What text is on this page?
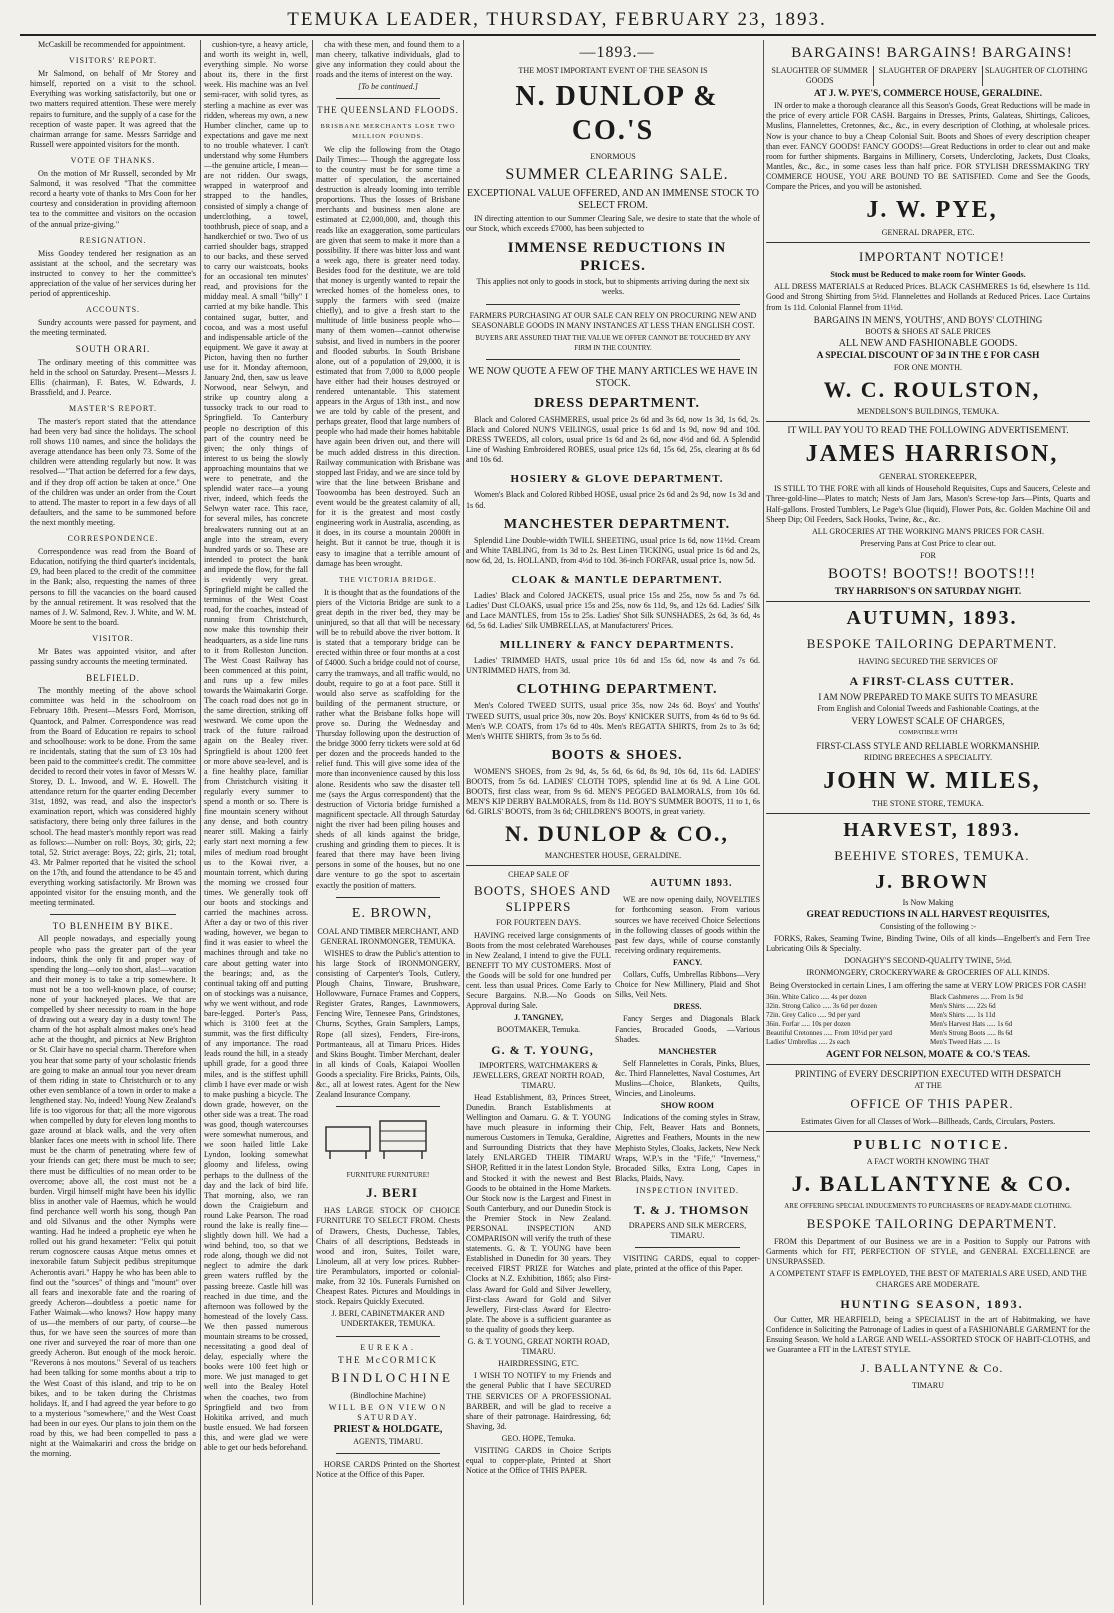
TEMUKA LEADER, THURSDAY, FEBRUARY 23, 1893.

McCaskill be recommended for appointment.

VISITORS' REPORT.

Mr Salmond, on behalf of Mr Storey and himself, reported on a visit to the school. Everything was working satisfactorily, but one or two matters required attention. These were merely repairs to furniture, and the supply of a case for the reception of waste paper. It was agreed that the chairman arrange for same. Messrs Sarridge and Russell were appointed visitors for the month.

VOTE OF THANKS.

On the motion of Mr Russell, seconded by Mr Salmond, it was resolved "That the committee record a hearty vote of thanks to Mrs Coon for her courtesy and consideration in providing afternoon tea to the committee and visitors on the occasion of the annual prize-giving."

RESIGNATION.

Miss Goodey tendered her resignation as an assistant at the school, and the secretary was instructed to convey to her the committee's appreciation of the value of her services during her period of apprenticeship.

ACCOUNTS.

Sundry accounts were passed for payment, and the meeting terminated.

SOUTH ORARI.

The ordinary meeting of this committee was held in the school on Saturday. Present—Messrs J. Ellis (chairman), F. Bates, W. Edwards, J. Brassfield, and J. Pearce.

MASTER'S REPORT.

The master's report stated that the attendance had been very bad since the holidays. The school roll shows 110 names, and since the holidays the average attendance has been only 73. Some of the children were attending regularly but now. It was resolved—"That action be deferred for a few days, and if they drop off action be taken at once." One of the children was under an order from the Court to attend. The master to report in a few days of all defaulters, and the same to be summoned before the next monthly meeting.

CORRESPONDENCE.

Correspondence was read from the Board of Education, notifying the third quarter's incidentals, £9, had been placed to the credit of the committee in the Bank; also, requesting the names of three persons to fill the vacancies on the board caused by the annual retirement. It was resolved that the names of J. W. Salmond, Rev. J. White, and W. M. Moore be sent to the board.

VISITOR.

Mr Bates was appointed visitor, and after passing sundry accounts the meeting terminated.

BELFIELD.

The monthly meeting of the above school committee was held in the schoolroom on February 18th. Present—Messrs Ford, Morrison, Quantock, and Palmer. Correspondence was read from the Board of Education re repairs to school and schoolhouse: work to be done. From the same re incidentals, stating that the sum of £3 10s had been paid to the committee's credit. The committee decided to record their votes in favor of Messrs W. Storey, D. L. Inwood, and W. E. Howell. The attendance return for the quarter ending December 31st, 1892, was read, and also the inspector's examination report, which was considered highly satisfactory, there being only three failures in the school. The head master's monthly report was read as follows:—Number on roll: Boys, 30; girls, 22; total, 52. Strict average: Boys, 22; girls, 21; total, 43. Mr Palmer reported that he visited the school on the 17th, and found the attendance to be 45 and everything working satisfactorily. Mr Brown was appointed visitor for the ensuing month, and the meeting terminated.

TO BLENHEIM BY BIKE.

All people nowadays, and especially young people who pass the greater part of the year indoors, think the only fit and proper way of spending the long—only too short, alas!—vacation and their money is to take a trip somewhere. It must not be a too well-known place, of course; none of your hackneyed places. We that are compelled by sheer necessity to roam in the hope of drawing out a weary day in a dusty town! The charm of the hot asphalt almost makes one's head ache at the thought, and picnics at New Brighton or St. Clair have no special charm. Therefore when you hear that some party of your scholastic friends are going to make an annual tour you never dream of them riding in state to Christchurch or to any other even semblance of a town in order to make a lengthened stay. No, indeed! Young New Zealand's life is too vigorous for that; all the more vigorous when compelled by duty for eleven long months to gaze around at black walls, and the very often blanker faces one meets with in school life. There must be the charm of penetrating where few of your friends can get; there must be much to see; there must be difficulties of no mean order to be overcome; above all, the cost must not be a burden. Virgil himself might have been his idyllic bliss in another vale of Haemus, which he would find perchance well worth his song, though Pan and old Silvanus and the other Nymphs were wanting. Had he indeed a prophetic eye when he rolled out his grand hexameter: "Felix qui potuit rerum cognoscere causas Atque metus omnes et inexorabile fatum Subjecit pedibus strepitumque Acherontis avari." Happy he who has been able to find out the "sources" of things and "mount" over all fears and inexorable fate and the roaring of greedy Acheron—doubtless a poetic name for Father Waimak—who knows? How happy many of us—the members of our party, of course—be thus, for we have seen the sources of more than one river and surveyed the roar of more than one greedy Acheron. But enough of the mock heroic. "Reverons à nos moutons." Several of us teachers had been talking for some months about a trip to the West Coast of this island, and trip to be on bikes, and to be taken during the Christmas holidays. If, and I had agreed the year before to go to a mysterious "somewhere," and the West Coast had been in our eyes. Our plans to join them on the road by this, we had been compelled to pass a night at the Waimakariri and cross the bridge on the morning.

cushion-tyre, a heavy article, and worth its weight in, well, everything simple. No worse about its, there in the first week. His machine was an Ivel semi-racer, with solid tyres, as sterling a machine as ever was ridden, whereas my own, a new Humber clincher, came up to expectations and gave me next to no trouble whatever. I can't understand why some Humbers—the genuine article, I mean—are not ridden. Our swags, wrapped in waterproof and strapped to the handles, consisted of simply a change of underclothing, a towel, toothbrush, piece of soap, and a handkerchief or two. Two of us carried shoulder bags, strapped to our backs, and these served to carry our waistcoats, books for an occasional ten minutes' read, and provisions for the midday meal. A small "billy" I carried at my bike handle. This contained sugar, butter, and cocoa, and was a most useful and indispensable article of the equipment. We gave it away at Picton, having then no further use for it. Monday afternoon, January 2nd, then, saw us leave Norwood, near Selwyn, and strike up country along a tussocky track to our road to Springfield. To Canterbury people no description of this part of the country need be given; the only things of interest to us being the slowly approaching mountains that we were to penetrate, and the splendid water race—a young river, indeed, which feeds the Selwyn water race. This race, for several miles, has concrete breakwaters running out at an angle into the stream, every hundred yards or so. These are intended to protect the bank and impede the flow, for the fall is evidently very great. Springfield might be called the terminus of the West Coast road, for the coaches, instead of running from Christchurch, now make this township their headquarters, as a side line runs to it from Rolleston Junction. The West Coast Railway has been commenced at this point, and runs up a few miles towards the Waimakariri Gorge. The coach road does not go in the same direction, striking off westward. We come upon the track of the future railroad again on the Bealey river. Springfield is about 1200 feet or more above sea-level, and is a fine healthy place, familiar from Christchurch visiting it regularly every summer to spend a month or so. There is fine mountain scenery without any dense, and both country nearer still. Making a fairly early start next morning a few miles of medium road brought us to the Kowai river, a mountain torrent, which during the morning we crossed four times. We generally took off our boots and stockings and carried the machines across. After a day or two of this river wading, however, we began to find it was easier to wheel the machines through and take no care about getting water into the bearings; and, as the continual taking off and putting on of stockings was a nuisance, why we went without, and rode bare-legged. Porter's Pass, which is 3100 feet at the summit, was the first difficulty of any importance. The road leads round the hill, in a steady uphill grade, for a good three miles, and is the stiffest uphill climb I have ever made or wish to make pushing a bicycle. The down grade, however, on the other side was a treat. The road was good, though watercourses were somewhat numerous, and we soon hailed little Lake Lyndon, looking somewhat gloomy and lifeless, owing perhaps to the dullness of the day and the lack of bird life. That morning, also, we ran down the Craigieburn and round Lake Pearson. The road round the lake is really fine—slightly down hill. We had a wind behind, too, so that we rode along, though we did not neglect to admire the dark green waters ruffled by the passing breeze. Castle hill was reached in due time, and the afternoon was followed by the homestead of the lovely Cass. We then passed numerous mountain streams to be crossed, necessitating a good deal of delay, especially where the books were 100 feet high or more. We just managed to get well into the Bealey Hotel when the coaches, two from Springfield and two from Hokitika arrived, and much bustle ensued. We had forseen this, and were glad we were able to get our beds beforehand.

cha with these men, and found them to a man cheery, talkative individuals, glad to give any information they could about the roads and the items of interest on the way.

[To be continued.]

THE QUEENSLAND FLOODS.

BRISBANE MERCHANTS LOSE TWO MILLION POUNDS.

We clip the following from the Otago Daily Times:— Though the aggregate loss to the country must be for some time a matter of speculation, the ascertained destruction is already looming into terrible proportions. Thus the losses of Brisbane merchants and business men alone are estimated at £2,000,000, and, though this reads like an exaggeration, some particulars are given that seem to make it more than a possibility. If there was bitter loss and want a week ago, there is greater need today. Besides food for the destitute, we are told that money is urgently wanted to repair the wrecked homes of the homeless ones, to supply the farmers with seed (maize chiefly), and to give a fresh start to the multitude of little business people who—many of them women—cannot otherwise subsist, and lived in numbers in the poorer and flooded suburbs. In South Brisbane alone, out of a population of 29,000, it is estimated that from 7,000 to 8,000 people have either had their houses destroyed or rendered untenantable. This statement appears in the Argus of 13th inst., and now we are told by cable of the present, and perhaps greater, flood that large numbers of people who had made their homes habitable have again been driven out, and there will be much added distress in this direction. Railway communication with Brisbane was stopped last Friday, and we are since told by wire that the line between Brisbane and Toowoomba has been destroyed. Such an event would be the greatest calamity of all, for it is the greatest and most costly engineering work in Australia, ascending, as it does, in its course a mountain 2000ft in height. But it cannot be true, though it is easy to imagine that a terrible amount of damage has been wrought.

THE VICTORIA BRIDGE.

It is thought that as the foundations of the piers of the Victoria Bridge are sunk to a great depth in the river bed, they may be uninjured, so that all that will be necessary will be to rebuild above the river bottom. It is stated that a temporary bridge can be erected within three or four months at a cost of £4000. Such a bridge could not of course, carry the tramways, and all traffic would, no doubt, require to go at a foot pace. Still it would also serve as scaffolding for the building of the permanent structure, or rather what the Brisbane folks hope will prove so. During the Wednesday and Thursday following upon the destruction of the bridge 3000 ferry tickets were sold at 6d per dozen and the proceeds handed to the relief fund. This will give some idea of the more than inconvenience caused by this loss alone. Residents who saw the disaster tell me (says the Argus correspondent) that the destruction of Victoria bridge furnished a magnificent spectacle. All through Saturday night the river had been piling houses and sheds of all kinds against the bridge, crushing and grinding them to pieces. It is feared that there may have been living persons in some of the houses, but no one dare venture to go the spot to ascertain exactly the position of matters.

E. BROWN,

COAL AND TIMBER MERCHANT, AND GENERAL IRONMONGER, TEMUKA.

WISHES to draw the Public's attention to his large Stock of IRONMONGERY, consisting of Carpenter's Tools, Cutlery, Plough Chains, Tinware, Brushware, Hollowware, Furnace Frames and Coppers, Register Grates, Ranges, Lawnmowers, Fencing Wire, Tennesee Pans, Grindstones, Churns, Scythes, Grain Samplers, Lamps, Rope (all sizes), Fenders, Fire-irons, Portmanteaus, all at Timaru Prices. Hides and Skins Bought. Timber Merchant, dealer in all kinds of Coals, Kaiapoi Woollen Goods a speciality. Fire Bricks, Paints, Oils, &c., all at lowest rates. Agent for the New Zealand Insurance Company.

FURNITURE FURNITURE!

J. BERI

HAS LARGE STOCK OF CHOICE FURNITURE TO SELECT FROM. Chests of Drawers, Chests, Duchesse, Tables, Chairs of all descriptions, Bedsteads in wood and iron, Suites, Toilet ware, Linoleum, all at very low prices. Rubber-tire Perambulators, imported or colonial-make, from 32 10s. Funerals Furnished on Cheapest Rates. Pictures and Mouldings in stock. Repairs Quickly Executed.

J. BERI, CABINETMAKER AND UNDERTAKER, TEMUKA.

EUREKA.

THE McCORMICK

BINDLOCHINE

(Bindlochine Machine)

WILL BE ON VIEW ON SATURDAY.

PRIEST & HOLDGATE,

AGENTS, TIMARU.

HORSE CARDS Printed on the Shortest Notice at the Office of this Paper.

—1893.—

THE MOST IMPORTANT EVENT OF THE SEASON IS

N. DUNLOP & CO.'S

ENORMOUS

SUMMER CLEARING SALE.

EXCEPTIONAL VALUE OFFERED, AND AN IMMENSE STOCK TO SELECT FROM.

IN directing attention to our Summer Clearing Sale, we desire to state that the whole of our Stock, which exceeds £7000, has been subjected to

IMMENSE REDUCTIONS IN PRICES.

This applies not only to goods in stock, but to shipments arriving during the next six weeks.

FARMERS PURCHASING AT OUR SALE CAN RELY ON PROCURING NEW AND SEASONABLE GOODS IN MANY INSTANCES AT LESS THAN ENGLISH COST.

BUYERS ARE ASSURED THAT THE VALUE WE OFFER CANNOT BE TOUCHED BY ANY FIRM IN THE COUNTRY.

WE NOW QUOTE A FEW OF THE MANY ARTICLES WE HAVE IN STOCK.

DRESS DEPARTMENT.

Black and Colored CASHMERES, usual price 2s 6d and 3s 6d, now 1s 3d, 1s 6d, 2s. Black and Colored NUN'S VEILINGS, usual price 1s 6d and 1s 9d, now 9d and 10d. DRESS TWEEDS, all colors, usual price 1s 6d and 2s 6d, now 4½d and 6d. A Splendid Line of Washing Embroidered ROBES, usual price 12s 6d, 15s 6d, 25s, clearing at 8s 6d and 10s 6d.

HOSIERY & GLOVE DEPARTMENT.

Women's Black and Colored Ribbed HOSE, usual price 2s 6d and 2s 9d, now 1s 3d and 1s 6d.

MANCHESTER DEPARTMENT.

Splendid Line Double-width TWILL SHEETING, usual price 1s 6d, now 11½d. Cream and White TABLING, from 1s 3d to 2s. Best Linen TICKING, usual price 1s 6d and 2s, now 6d, 2d, 1s. HOLLAND, from 4½d to 10d. 36-inch FORFAR, usual price 1s, now 5d.

CLOAK & MANTLE DEPARTMENT.

Ladies' Black and Colored JACKETS, usual price 15s and 25s, now 5s and 7s 6d. Ladies' Dust CLOAKS, usual price 15s and 25s, now 6s 11d, 9s, and 12s 6d. Ladies' Silk and Lace MANTLES, from 15s to 25s. Ladies' Shot Silk SUNSHADES, 2s 6d, 3s 6d, 4s 6d, 5s 6d. Ladies' Silk UMBRELLAS, at Manufacturers' Prices.

MILLINERY & FANCY DEPARTMENTS.

Ladies' TRIMMED HATS, usual price 10s 6d and 15s 6d, now 4s and 7s 6d. UNTRIMMED HATS, from 3d.

CLOTHING DEPARTMENT.

Men's Colored TWEED SUITS, usual price 35s, now 24s 6d. Boys' and Youths' TWEED SUITS, usual price 30s, now 20s. Boys' KNICKER SUITS, from 4s 6d to 9s 6d. Men's W.P. COATS, from 17s 6d to 40s. Men's REGATTA SHIRTS, from 2s to 3s 6d; Men's WHITE SHIRTS, from 3s to 5s 6d.

BOOTS & SHOES.

WOMEN'S SHOES, from 2s 9d, 4s, 5s 6d, 6s 6d, 8s 9d, 10s 6d, 11s 6d. LADIES' BOOTS, from 5s 6d. LADIES' CLOTH TOPS, splendid line at 6s 9d. A Line GOL BOOTS, first class wear, from 9s 6d. MEN'S PEGGED BALMORALS, from 10s 6d. MEN'S KIP DERBY BALMORALS, from 8s 11d. BOY'S SUMMER BOOTS, 11 to 1, 6s 6d. GIRLS' BOOTS, from 3s 6d; CHILDREN'S BOOTS, in great variety.

N. DUNLOP & CO.,

MANCHESTER HOUSE, GERALDINE.

CHEAP SALE OF

BOOTS, SHOES AND SLIPPERS

FOR FOURTEEN DAYS.

HAVING received large consignments of Boots from the most celebrated Warehouses in New Zealand, I intend to give the FULL BENEFIT TO MY CUSTOMERS. Most of the Goods will be sold for one hundred per cent. less than usual Prices. Come Early to Secure Bargains. N.B.—No Goods on Approval during Sale.

J. TANGNEY,

BOOTMAKER, Temuka.

G. & T. YOUNG,

IMPORTERS, WATCHMAKERS & JEWELLERS, GREAT NORTH ROAD, TIMARU.

Head Establishment, 83, Princes Street, Dunedin. Branch Establishments at Wellington and Oamaru. G. & T. YOUNG have much pleasure in informing their numerous Customers in Temuka, Geraldine, and Surrounding Districts that they have lately ENLARGED THEIR TIMARU SHOP, Refitted it in the latest London Style, and Stocked it with the newest and Best Goods to be obtained in the Home Markets. Our Stock now is the Largest and Finest in South Canterbury, and our Dunedin Stock is the Premier Stock in New Zealand. PERSONAL INSPECTION AND COMPARISON will verify the truth of these statements. G. & T. YOUNG have been Established in Dunedin for 30 years. They received FIRST PRIZE for Watches and Clocks at N.Z. Exhibition, 1865; also First-class Award for Gold and Silver Jewellery, First-class Award for Gold and Silver Jewellery, First-class Award for Electro-plate. The above is a sufficient guarantee as to the quality of goods they keep.

G. & T. YOUNG, GREAT NORTH ROAD, TIMARU.

HAIRDRESSING, ETC.

I WISH TO NOTIFY to my Friends and the general Public that I have SECURED THE SERVICES OF A PROFESSIONAL BARBER, and will be glad to receive a share of their patronage. Hairdressing, 6d; Shaving, 3d.

GEO. HOPE, Temuka.

VISITING CARDS in Choice Scripts equal to copper-plate, Printed at Short Notice at the Office of THIS PAPER.

AUTUMN 1893.

WE are now opening daily, NOVELTIES for forthcoming season. From various sources we have received Choice Selections in the following classes of goods within the past few days, while of course constantly receiving ordinary requirements.

FANCY.

Collars, Cuffs, Umbrellas Ribbons—Very Choice for New Millinery, Plaid and Shot Silks, Veil Nets.

DRESS.

Fancy Serges and Diagonals Black Fancies, Brocaded Goods, —Various Shades.

MANCHESTER

Self Flannelettes in Corals, Pinks, Blues, &c. Third Flannelettes, Naval Costumes, Art Muslins—Choice, Blankets, Quilts, Wincies, and Linoleums.

SHOW ROOM

Indications of the coming styles in Straw, Chip, Felt, Beaver Hats and Bonnets, Aigrettes and Feathers, Mounts in the new Mephisto Styles, Cloaks, Jackets, New Neck Wraps, W.P.'s in the "Fife," "Inverness," Brocaded Silks, Extra Long, Capes in Blacks, Plaids, Navy.

INSPECTION INVITED.

T. & J. THOMSON

DRAPERS AND SILK MERCERS, TIMARU.

VISITING CARDS, equal to copper-plate, printed at the office of this Paper.

BARGAINS! BARGAINS! BARGAINS!

SLAUGHTER OF SUMMER GOODS
SLAUGHTER OF DRAPERY SLAUGHTER OF CLOTHING

AT J. W. PYE'S, COMMERCE HOUSE, GERALDINE.

IN order to make a thorough clearance all this Season's Goods, Great Reductions will be made in the price of every article FOR CASH. Bargains in Dresses, Prints, Galateas, Shirtings, Calicoes, Muslins, Flannelettes, Cretonnes, &c., &c., in every description of Clothing, at wholesale prices. Now is your chance to buy a Cheap Colonial Suit. Boots and Shoes of every description cheaper than ever. FANCY GOODS! FANCY GOODS!—Great Reductions in order to clear out and make room for further shipments. Bargains in Millinery, Corsets, Undercloting, Jackets, Dust Cloaks, Mantles, &c., &c., in some cases less than half price. FOR STYLISH DRESSMAKING TRY COMMERCE HOUSE, YOU ARE BOUND TO BE SATISFIED. Come and See the Goods, Compare the Prices, and you will be astonished.

J. W. PYE,

GENERAL DRAPER, ETC.

IMPORTANT NOTICE!

Stock must be Reduced to make room for Winter Goods.

ALL DRESS MATERIALS at Reduced Prices. BLACK CASHMERES 1s 6d, elsewhere 1s 11d. Good and Strong Shirting from 5½d. Flannelettes and Hollands at Reduced Prices. Lace Curtains from 1s 11d. Colonial Flannel from 11½d.

BARGAINS IN MEN'S, YOUTHS', AND BOYS' CLOTHING

BOOTS & SHOES AT SALE PRICES

ALL NEW AND FASHIONABLE GOODS.

A SPECIAL DISCOUNT OF 3d IN THE £ FOR CASH

FOR ONE MONTH.

W. C. ROULSTON,

MENDELSON'S BUILDINGS, TEMUKA.

IT WILL PAY YOU TO READ THE FOLLOWING ADVERTISEMENT.

JAMES HARRISON,

GENERAL STOREKEEPER,

IS STILL TO THE FORE with all kinds of Household Requisites, Cups and Saucers, Celeste and Three-gold-line—Plates to match; Nests of Jam Jars, Mason's Screw-top Jars—Pints, Quarts and Half-gallons. Frosted Tumblers, Le Page's Glue (liquid), Flower Pots, &c. Golden Machine Oil and Sheep Dip; Oil Feeders, Sack Hooks, Twine, &c., &c.

ALL GROCERIES AT THE WORKING MAN'S PRICES FOR CASH.

Preserving Pans at Cost Price to clear out.

FOR

BOOTS! BOOTS!! BOOTS!!!

TRY HARRISON'S ON SATURDAY NIGHT.

AUTUMN, 1893.

BESPOKE TAILORING DEPARTMENT.

HAVING SECURED THE SERVICES OF

A FIRST-CLASS CUTTER.

I AM NOW PREPARED TO MAKE SUITS TO MEASURE

From English and Colonial Tweeds and Fashionable Coatings, at the

VERY LOWEST SCALE OF CHARGES,

COMPATIBLE WITH

FIRST-CLASS STYLE AND RELIABLE WORKMANSHIP.

RIDING BREECHES A SPECIALITY.

JOHN W. MILES,

THE STONE STORE, TEMUKA.

HARVEST, 1893.

BEEHIVE STORES, TEMUKA.

J. BROWN

Is Now Making

GREAT REDUCTIONS IN ALL HARVEST REQUISITES,

Consisting of the following :-

FORKS, Rakes, Seaming Twine, Binding Twine, Oils of all kinds—Engelbert's and Fern Tree Lubricating Oils & Specialty.

DONAGHY'S SECOND-QUALITY TWINE, 5½d.

IRONMONGERY, CROCKERYWARE & GROCERIES OF ALL KINDS.

Being Overstocked in certain Lines, I am offering the same at VERY LOW PRICES FOR CASH!

36in. White Calico ..... 4s per dozen
32in. Strong Calico ..... 3s 6d per dozen
72in. Grey Calico ..... 9d per yard
36in. Forfar ..... 10s per dozen
Beautiful Cretonnes ..... From 10½d per yard
Ladies' Umbrellas ..... 2s each
Black Cashmeres ..... From 1s 9d
Men's Shirts ..... 22s 6d
Men's Shirts ..... 1s 11d
Men's Harvest Hats ..... 1s 6d
Men's Strong Boots ..... 8s 6d
Men's Tweed Hats ..... 1s

AGENT FOR NELSON, MOATE & CO.'S TEAS.

PRINTING of EVERY DESCRIPTION EXECUTED WITH DESPATCH

AT THE

OFFICE OF THIS PAPER.

Estimates Given for all Classes of Work—Billheads, Cards, Circulars, Posters.

PUBLIC NOTICE.

A FACT WORTH KNOWING THAT

J. BALLANTYNE & CO.

ARE OFFERING SPECIAL INDUCEMENTS TO PURCHASERS OF READY-MADE CLOTHING.

BESPOKE TAILORING DEPARTMENT.

FROM this Department of our Business we are in a Position to Supply our Patrons with Garments which for FIT, PERFECTION OF STYLE, and GENERAL EXCELLENCE are UNSURPASSED.

A COMPETENT STAFF IS EMPLOYED, THE BEST OF MATERIALS ARE USED, AND THE CHARGES ARE MODERATE.

HUNTING SEASON, 1893.

Our Cutter, MR HEARFIELD, being a SPECIALIST in the art of Habitmaking, we have Confidence in Soliciting the Patronage of Ladies in quest of a FASHIONABLE GARMENT for the Ensuing Season. We hold a LARGE AND WELL-ASSORTED STOCK OF HABIT-CLOTHS, and we Guarantee a FIT in the LATEST STYLE.

J. BALLANTYNE & Co.

TIMARU
